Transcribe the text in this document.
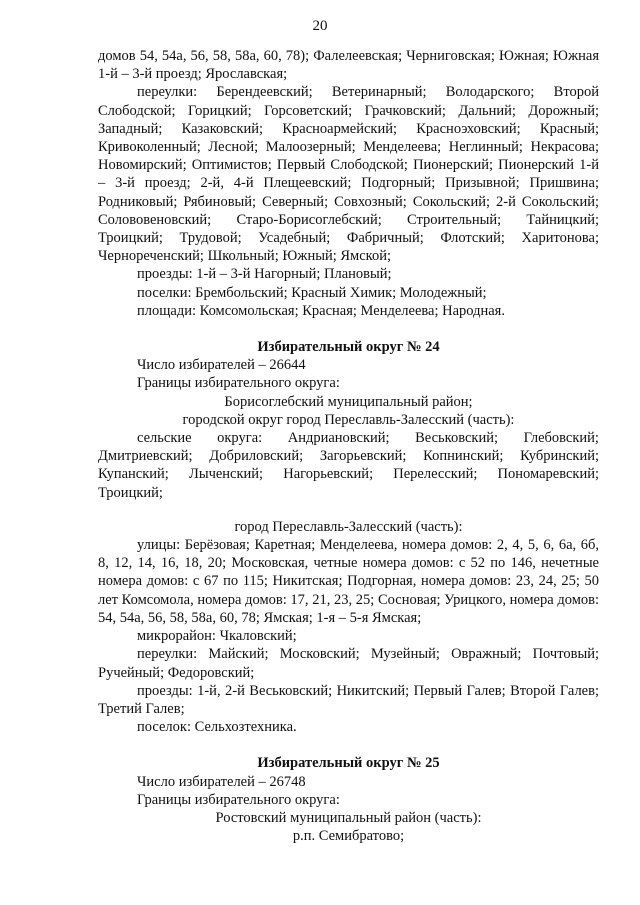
20

домов 54, 54а, 56, 58, 58а, 60, 78); Фалелеевская; Черниговская; Южная; Южная 1-й – 3-й проезд; Ярославская;

переулки: Берендеевский; Ветеринарный; Володарского; Второй Слободской; Горицкий; Горсоветский; Грачковский; Дальний; Дорожный; Западный; Казаковский; Красноармейский; Красноэховский; Красный; Кривоколенный; Лесной; Малоозерный; Менделеева; Неглинный; Некрасова; Новомирский; Оптимистов; Первый Слободской; Пионерский; Пионерский 1-й – 3-й проезд; 2-й, 4-й Плещеевский; Подгорный; Призывной; Пришвина; Родниковый; Рябиновый; Северный; Совхозный; Сокольский; 2-й Сокольский; Солововеновский; Старо-Борисоглебский; Строительный; Тайницкий; Троицкий; Трудовой; Усадебный; Фабричный; Флотский; Харитонова; Чернореченский; Школьный; Южный; Ямской;

проезды: 1-й – 3-й Нагорный; Плановый;

поселки: Брембольский; Красный Химик; Молодежный;

площади: Комсомольская; Красная; Менделеева; Народная.

Избирательный округ № 24

Число избирателей – 26644

Границы избирательного округа:

Борисоглебский муниципальный район;

городской округ город Переславль-Залесский (часть):

сельские округа: Андриановский; Веськовский; Глебовский;

Дмитриевский; Добриловский; Загорьевский; Копнинский; Кубринский; Купанский; Лыченский; Нагорьевский; Перелесский; Пономаревский; Троицкий;

город Переславль-Залесский (часть):

улицы: Берёзовая; Каретная; Менделеева, номера домов: 2, 4, 5, 6, 6а, 6б, 8, 12, 14, 16, 18, 20; Московская, четные номера домов: с 52 по 146, нечетные номера домов: с 67 по 115; Никитская; Подгорная, номера домов: 23, 24, 25; 50 лет Комсомола, номера домов: 17, 21, 23, 25; Сосновая; Урицкого, номера домов: 54, 54а, 56, 58, 58а, 60, 78; Ямская; 1-я – 5-я Ямская;

микрорайон: Чкаловский;

переулки: Майский; Московский; Музейный; Овражный; Почтовый; Ручейный; Федоровский;

проезды: 1-й, 2-й Веськовский; Никитский; Первый Галев; Второй Галев; Третий Галев;

поселок: Сельхозтехника.

Избирательный округ № 25

Число избирателей – 26748

Границы избирательного округа:

Ростовский муниципальный район (часть):

р.п. Семибратово;
